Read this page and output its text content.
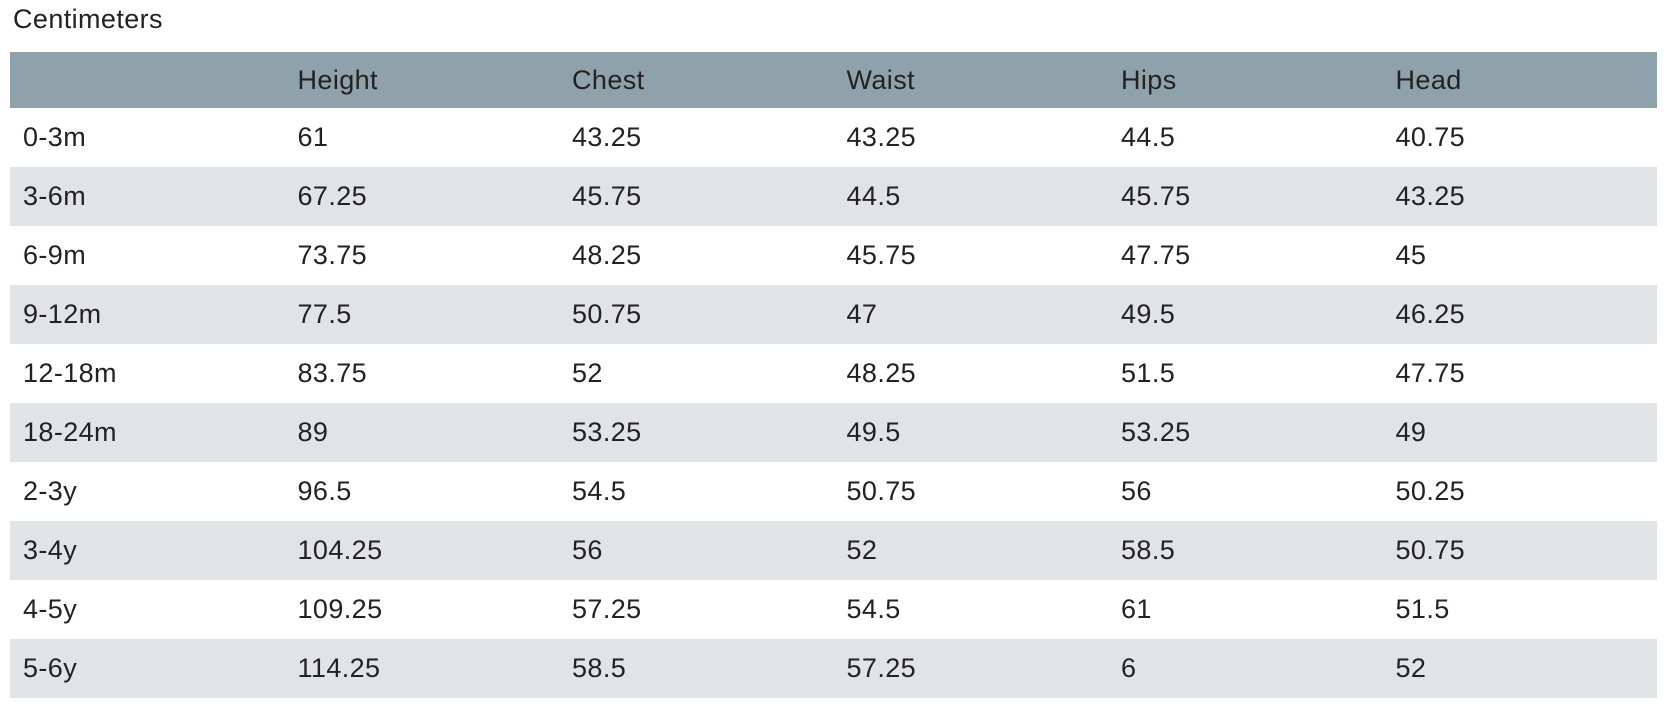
Centimeters
	Height	Chest	Waist	Hips	Head
0-3m	61	43.25	43.25	44.5	40.75
3-6m	67.25	45.75	44.5	45.75	43.25
6-9m	73.75	48.25	45.75	47.75	45
9-12m	77.5	50.75	47	49.5	46.25
12-18m	83.75	52	48.25	51.5	47.75
18-24m	89	53.25	49.5	53.25	49
2-3y	96.5	54.5	50.75	56	50.25
3-4y	104.25	56	52	58.5	50.75
4-5y	109.25	57.25	54.5	61	51.5
5-6y	114.25	58.5	57.25	6	52
